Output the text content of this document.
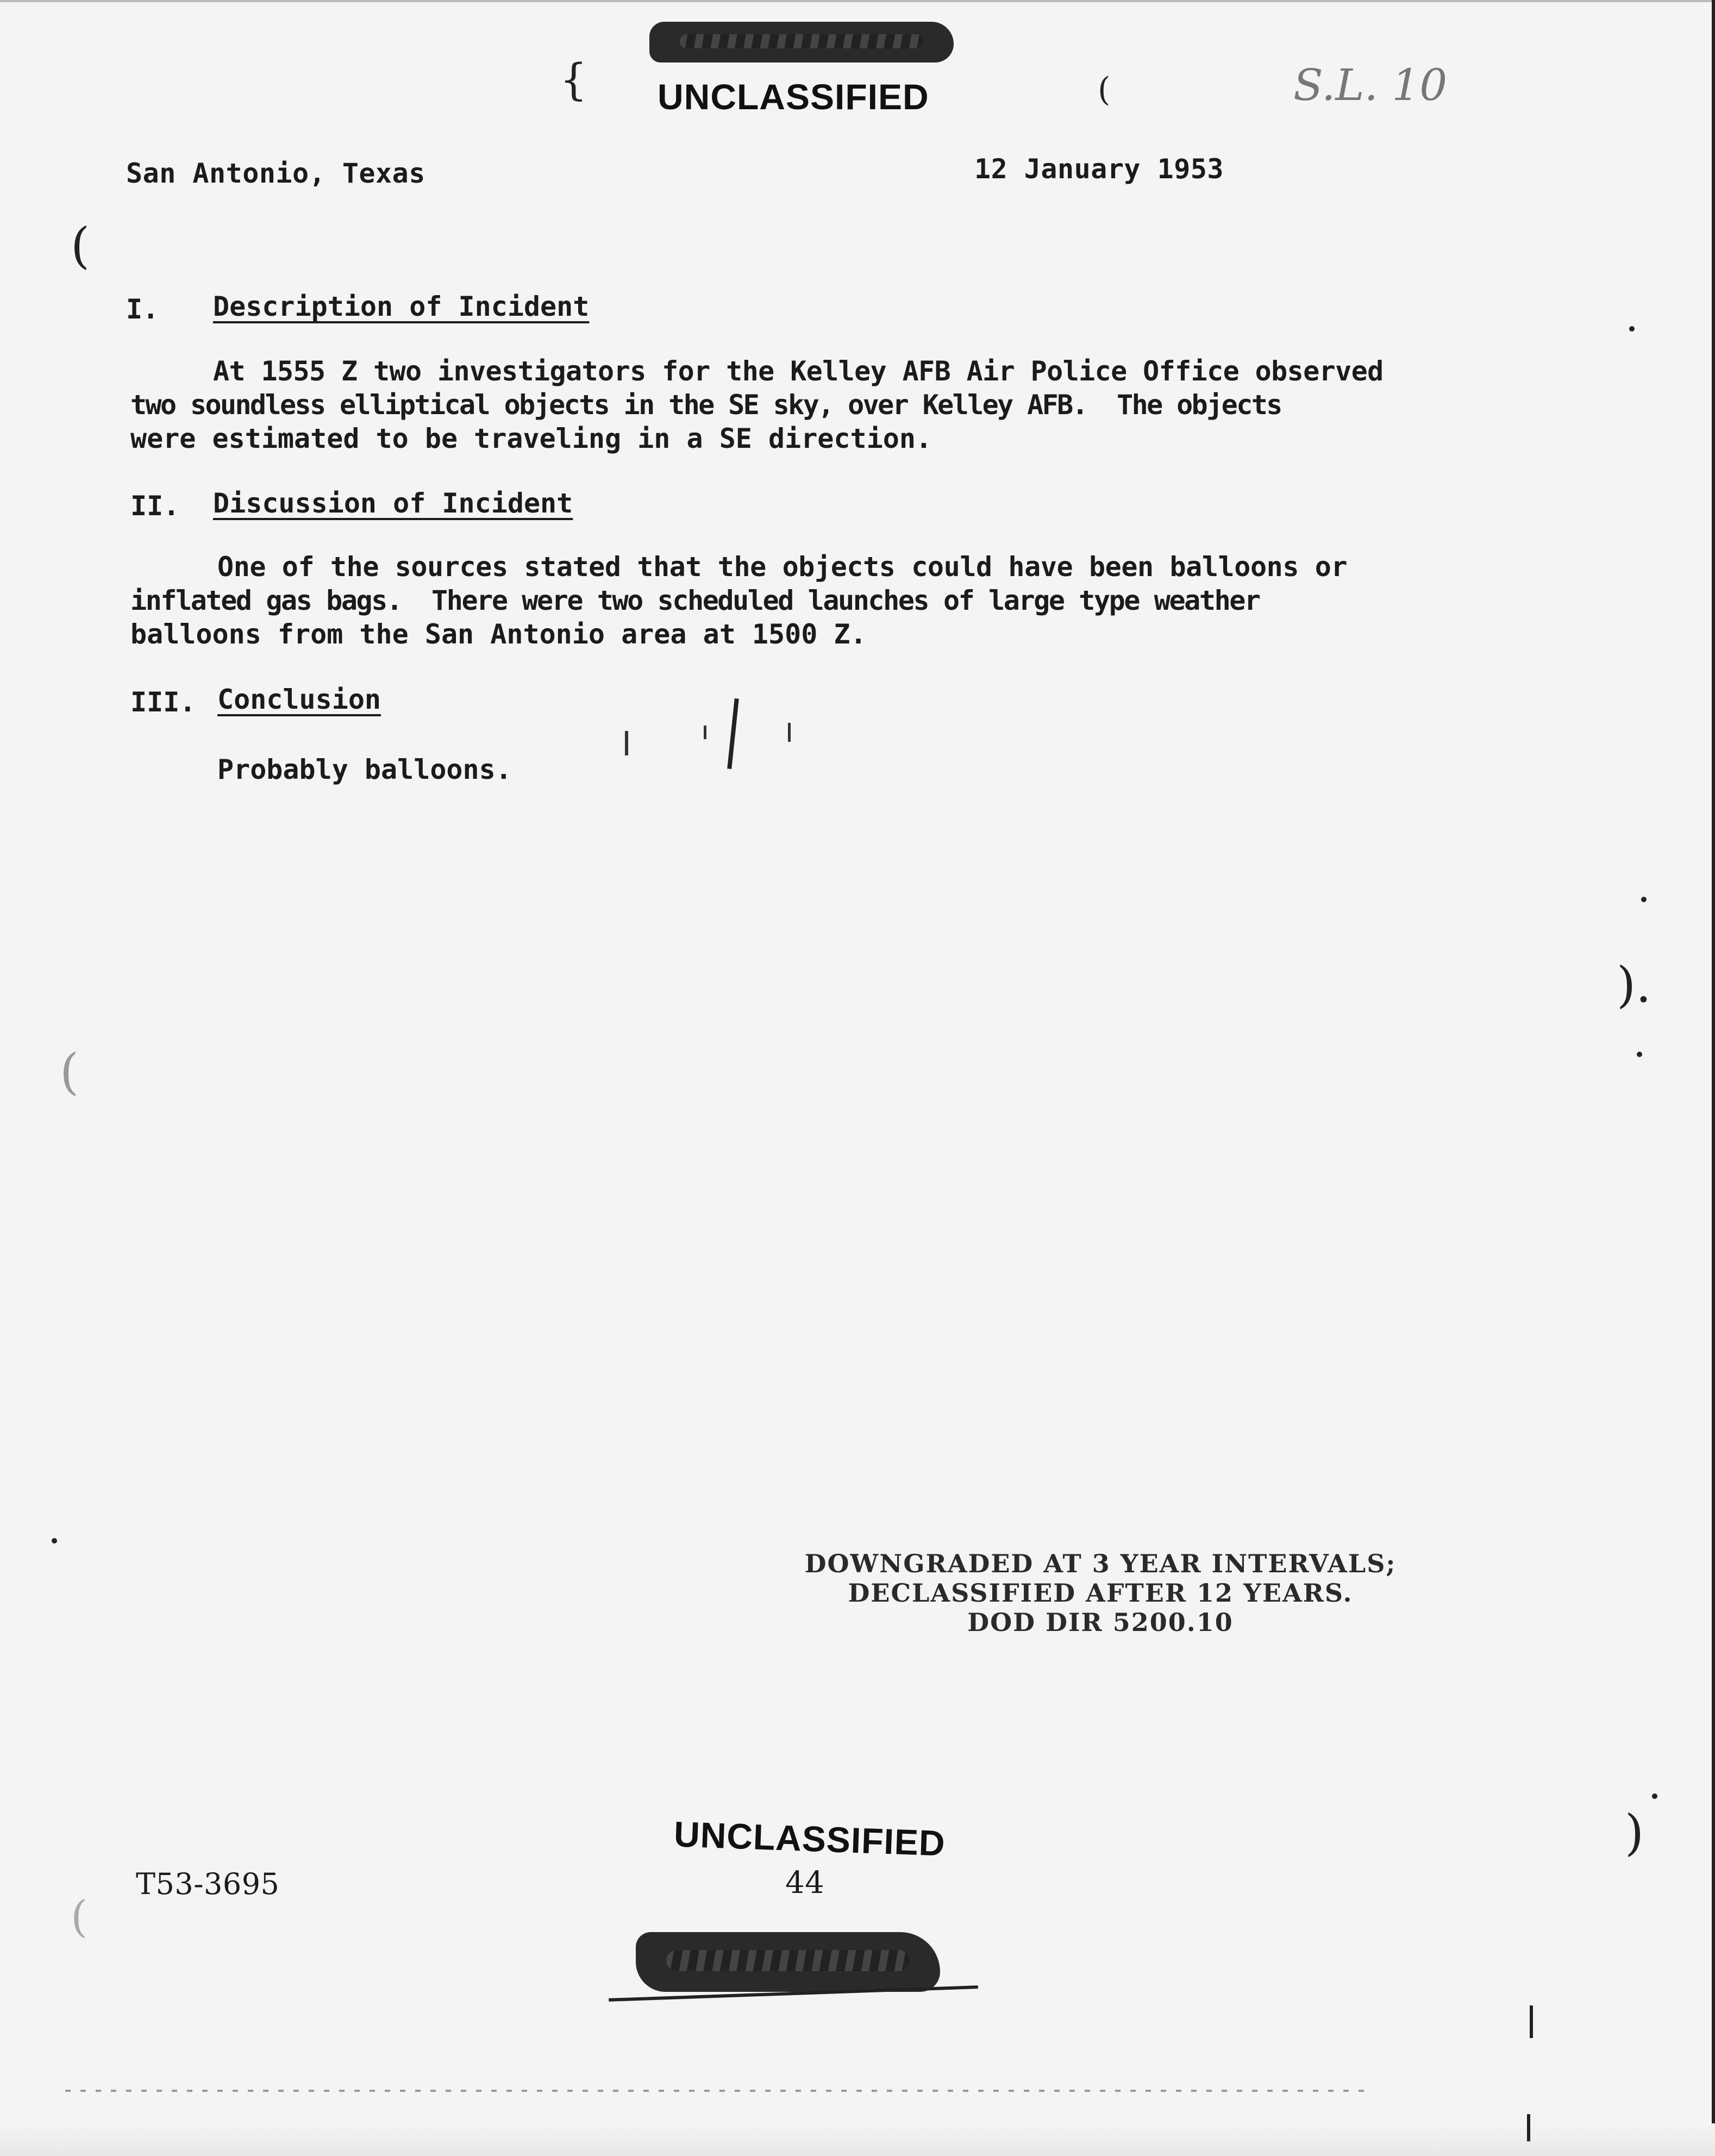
UNCLASSIFIED
{	(	S.L. 10
San Antonio, Texas	12 January 1953
(
I. Description of Incident
At 1555 Z two investigators for the Kelley AFB Air Police Office observed
two soundless elliptical objects in the SE sky, over Kelley AFB.  The objects
were estimated to be traveling in a SE direction.
II. Discussion of Incident
One of the sources stated that the objects could have been balloons or
inflated gas bags.  There were two scheduled launches of large type weather
balloons from the San Antonio area at 1500 Z.
III. Conclusion
Probably balloons.
).
(
)
(
DOWNGRADED AT 3 YEAR INTERVALS;
DECLASSIFIED AFTER 12 YEARS.
DOD DIR 5200.10
T53-3695
UNCLASSIFIED
44
